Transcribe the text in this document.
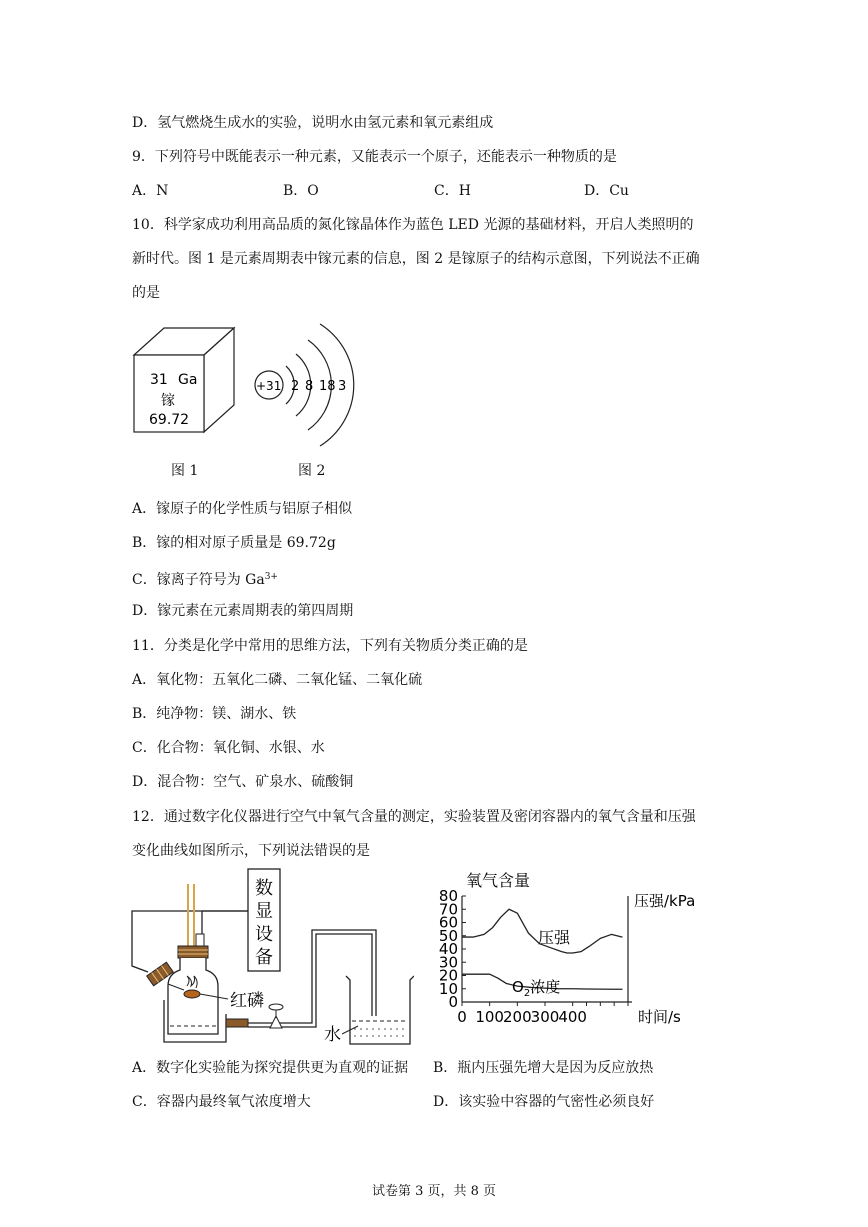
D．氢气燃烧生成水的实验，说明水由氢元素和氧元素组成
9．下列符号中既能表示一种元素，又能表示一个原子，还能表示一种物质的是
A．N	B．O	C．H	D．Cu
10．科学家成功利用高品质的氮化镓晶体作为蓝色 LED 光源的基础材料，开启人类照明的
新时代。图 1 是元素周期表中镓元素的信息，图 2 是镓原子的结构示意图，下列说法不正确
的是
31 Ga
镓
69.72
图 1
+31 2 8 18 3
图 2
A．镓原子的化学性质与铝原子相似
B．镓的相对原子质量是 69.72g
C．镓离子符号为 $Ga^{3+}$
D．镓元素在元素周期表的第四周期
11．分类是化学中常用的思维方法，下列有关物质分类正确的是
A．氧化物：五氧化二磷、二氧化锰、二氧化硫
B．纯净物：镁、湖水、铁
C．化合物：氧化铜、水银、水
D．混合物：空气、矿泉水、硫酸铜
12．通过数字化仪器进行空气中氧气含量的测定，实验装置及密闭容器内的氧气含量和压强
变化曲线如图所示，下列说法错误的是
数
显
设
备
红磷
水
氧气含量
压强/kPa
0
10
20
30
40
50
60
70
80
0 100 200 300 400	时间/s
压强
$O_2$浓度
A．数字化实验能为探究提供更为直观的证据 B．瓶内压强先增大是因为反应放热
C．容器内最终氧气浓度增大	D．该实验中容器的气密性必须良好
试卷第 3 页，共 8 页
